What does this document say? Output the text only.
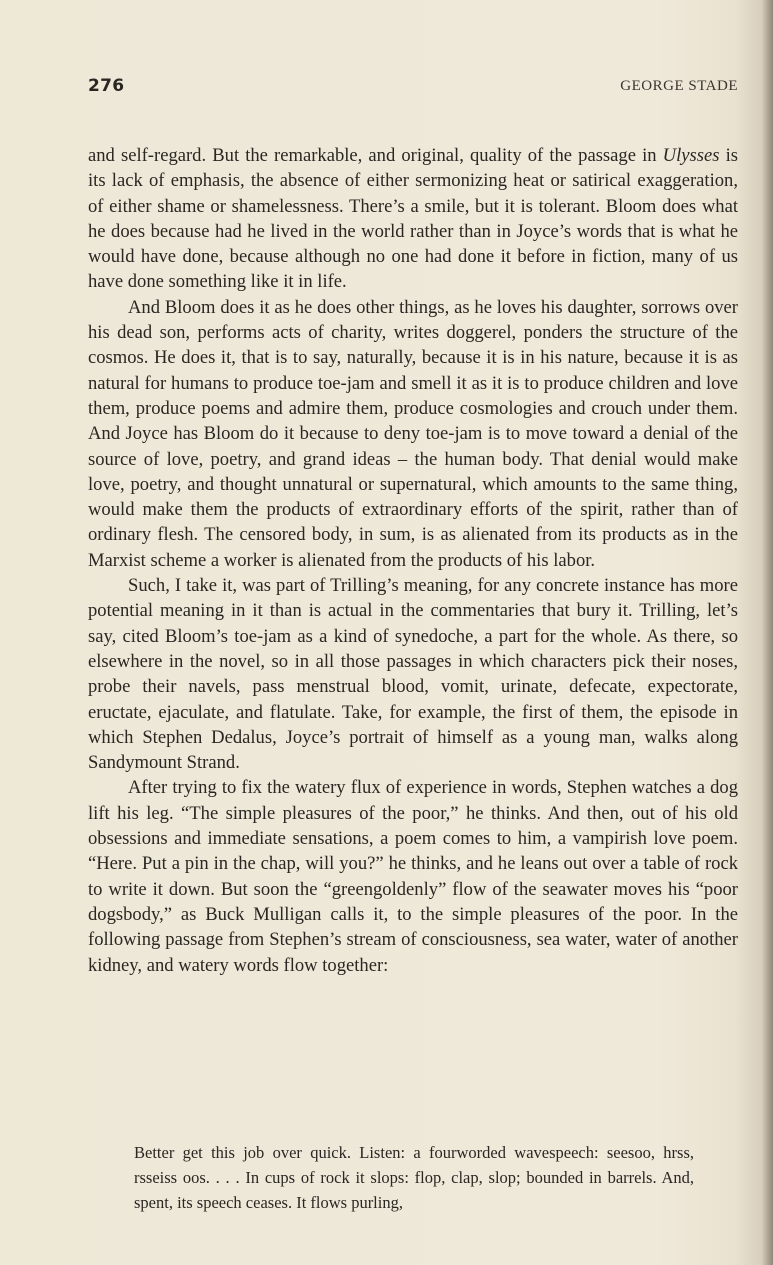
276	GEORGE STADE

and self-regard. But the remarkable, and original, quality of the passage in Ulysses is its lack of emphasis, the absence of either sermonizing heat or satirical exaggeration, of either shame or shamelessness. There’s a smile, but it is tolerant. Bloom does what he does because had he lived in the world rather than in Joyce’s words that is what he would have done, because although no one had done it before in fiction, many of us have done something like it in life.

And Bloom does it as he does other things, as he loves his daughter, sorrows over his dead son, performs acts of charity, writes doggerel, ponders the structure of the cosmos. He does it, that is to say, naturally, because it is in his nature, because it is as natural for humans to produce toe-jam and smell it as it is to produce children and love them, produce poems and admire them, produce cosmologies and crouch under them. And Joyce has Bloom do it because to deny toe-jam is to move toward a denial of the source of love, poetry, and grand ideas – the human body. That denial would make love, poetry, and thought unnatural or supernatural, which amounts to the same thing, would make them the products of extraordinary efforts of the spirit, rather than of ordinary flesh. The censored body, in sum, is as alienated from its products as in the Marxist scheme a worker is alienated from the products of his labor.

Such, I take it, was part of Trilling’s meaning, for any concrete instance has more potential meaning in it than is actual in the commentaries that bury it. Trilling, let’s say, cited Bloom’s toe-jam as a kind of synedoche, a part for the whole. As there, so elsewhere in the novel, so in all those passages in which characters pick their noses, probe their navels, pass menstrual blood, vomit, urinate, defecate, expectorate, eructate, ejaculate, and flatulate. Take, for example, the first of them, the episode in which Stephen Dedalus, Joyce’s portrait of himself as a young man, walks along Sandymount Strand.

After trying to fix the watery flux of experience in words, Stephen watches a dog lift his leg. “The simple pleasures of the poor,” he thinks. And then, out of his old obsessions and immediate sensations, a poem comes to him, a vampirish love poem. “Here. Put a pin in the chap, will you?” he thinks, and he leans out over a table of rock to write it down. But soon the “greengoldenly” flow of the seawater moves his “poor dogsbody,” as Buck Mulligan calls it, to the simple pleasures of the poor. In the following passage from Stephen’s stream of consciousness, sea water, water of another kidney, and watery words flow together:

Better get this job over quick. Listen: a fourworded wavespeech: seesoo, hrss, rsseiss oos. . . . In cups of rock it slops: flop, clap, slop; bounded in barrels. And, spent, its speech ceases. It flows purling,
